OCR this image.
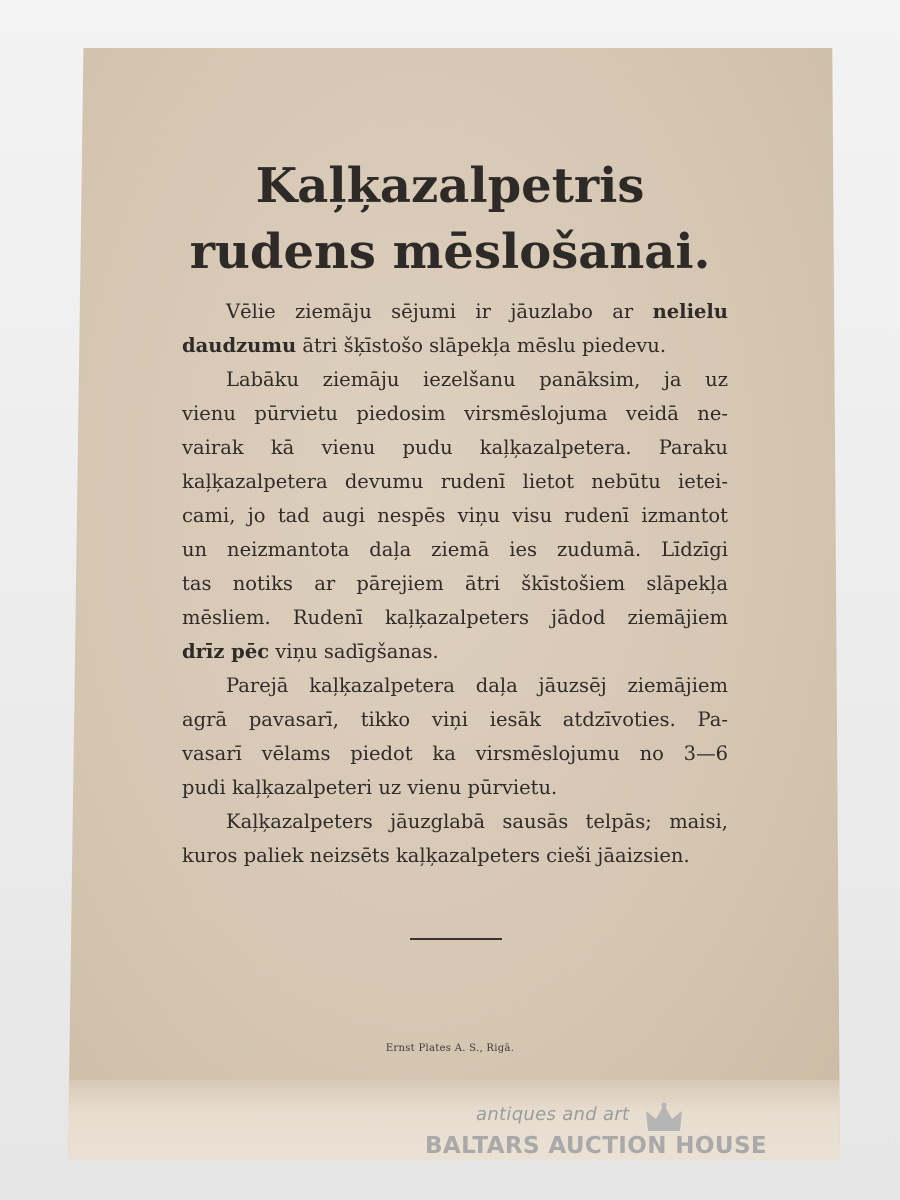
Kaļķazalpetris
rudens mēslošanai.
Vēlie ziemāju sējumi ir jāuzlabo ar nelielu
daudzumu ātri šķīstošo slāpekļa mēslu piedevu.
Labāku ziemāju iezelšanu panāksim, ja uz
vienu pūrvietu piedosim virsmēslojuma veidā ne-
vairak kā vienu pudu kaļķazalpetera. Paraku
kaļķazalpetera devumu rudenī lietot nebūtu ietei-
cami, jo tad augi nespēs viņu visu rudenī izmantot
un neizmantota daļa ziemā ies zudumā. Līdzīgi
tas notiks ar pārejiem ātri škīstošiem slāpekļa
mēsliem. Rudenī kaļķazalpeters jādod ziemājiem
drīz pēc viņu sadīgšanas.
Parejā kaļķazalpetera daļa jāuzsēj ziemājiem
agrā pavasarī, tikko viņi iesāk atdzīvoties. Pa-
vasarī vēlams piedot ka virsmēslojumu no 3—6
pudi kaļķazalpeteri uz vienu pūrvietu.
Kaļķazalpeters jāuzglabā sausās telpās; maisi,
kuros paliek neizsēts kaļķazalpeters cieši jāaizsien.
Ernst Plates A. S., Rigā.
antiques and art
BALTARS AUCTION HOUSE
